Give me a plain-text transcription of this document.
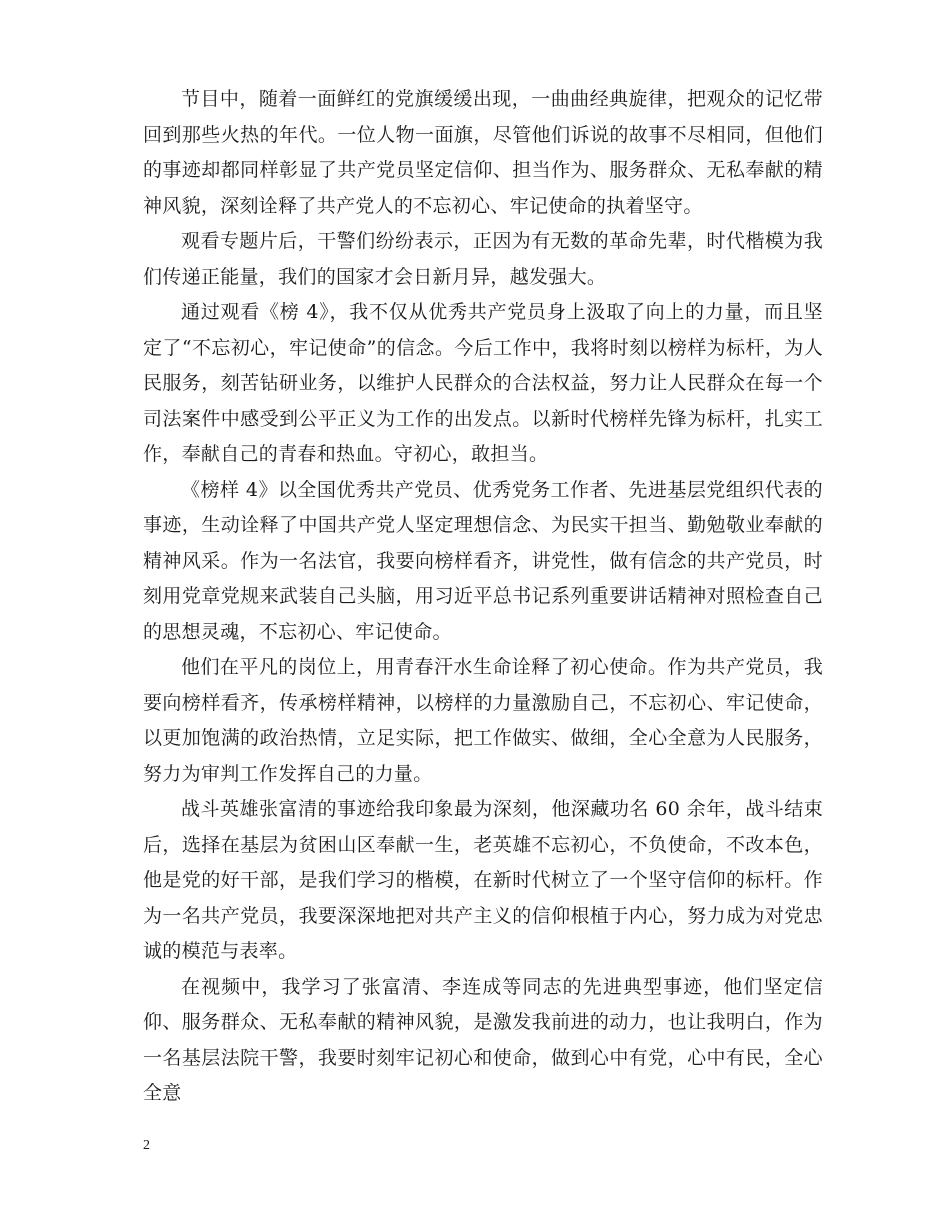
节目中，随着一面鲜红的党旗缓缓出现，一曲曲经典旋律，把观众的记忆带回到那些火热的年代。一位人物一面旗，尽管他们诉说的故事不尽相同，但他们的事迹却都同样彰显了共产党员坚定信仰、担当作为、服务群众、无私奉献的精神风貌，深刻诠释了共产党人的不忘初心、牢记使命的执着坚守。

观看专题片后，干警们纷纷表示，正因为有无数的革命先辈，时代楷模为我们传递正能量，我们的国家才会日新月异，越发强大。

通过观看《榜 4》，我不仅从优秀共产党员身上汲取了向上的力量，而且坚定了“不忘初心，牢记使命”的信念。今后工作中，我将时刻以榜样为标杆，为人民服务，刻苦钻研业务，以维护人民群众的合法权益，努力让人民群众在每一个司法案件中感受到公平正义为工作的出发点。以新时代榜样先锋为标杆，扎实工作，奉献自己的青春和热血。守初心，敢担当。

《榜样 4》以全国优秀共产党员、优秀党务工作者、先进基层党组织代表的事迹，生动诠释了中国共产党人坚定理想信念、为民实干担当、勤勉敬业奉献的精神风采。作为一名法官，我要向榜样看齐，讲党性，做有信念的共产党员，时刻用党章党规来武装自己头脑，用习近平总书记系列重要讲话精神对照检查自己的思想灵魂，不忘初心、牢记使命。

他们在平凡的岗位上，用青春汗水生命诠释了初心使命。作为共产党员，我要向榜样看齐，传承榜样精神，以榜样的力量激励自己，不忘初心、牢记使命，以更加饱满的政治热情，立足实际，把工作做实、做细，全心全意为人民服务，努力为审判工作发挥自己的力量。

战斗英雄张富清的事迹给我印象最为深刻，他深藏功名 60 余年，战斗结束后，选择在基层为贫困山区奉献一生，老英雄不忘初心，不负使命，不改本色，他是党的好干部，是我们学习的楷模，在新时代树立了一个坚守信仰的标杆。作为一名共产党员，我要深深地把对共产主义的信仰根植于内心，努力成为对党忠诚的模范与表率。

在视频中，我学习了张富清、李连成等同志的先进典型事迹，他们坚定信仰、服务群众、无私奉献的精神风貌，是激发我前进的动力，也让我明白，作为一名基层法院干警，我要时刻牢记初心和使命，做到心中有党，心中有民，全心全意

2
